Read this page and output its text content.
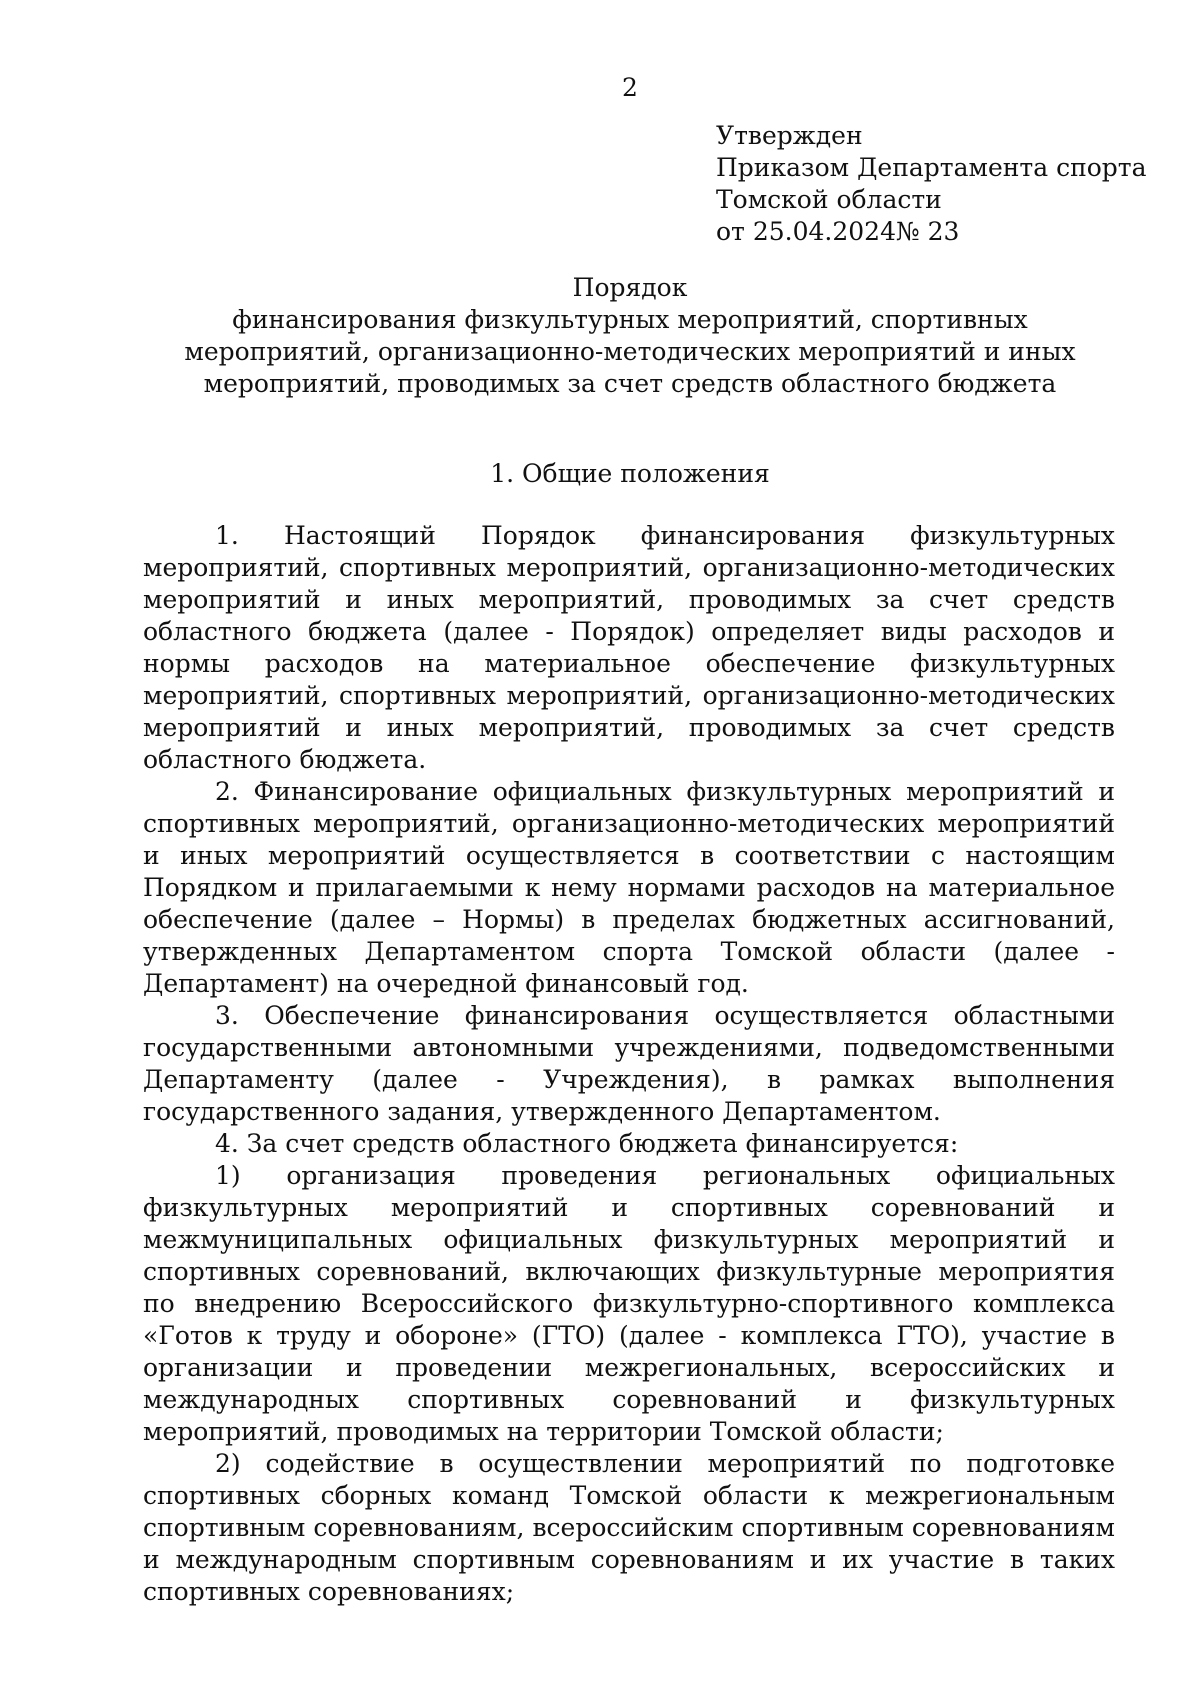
2
Утвержден
Приказом Департамента спорта
Томской области
от 25.04.2024№ 23
Порядок
финансирования физкультурных мероприятий, спортивных
мероприятий, организационно-методических мероприятий и иных
мероприятий, проводимых за счет средств областного бюджета
1. Общие положения

1. Настоящий Порядок финансирования физкультурных мероприятий, спортивных мероприятий, организационно-методических мероприятий и иных мероприятий, проводимых за счет средств областного бюджета (далее - Порядок) определяет виды расходов и нормы расходов на материальное обеспечение физкультурных мероприятий, спортивных мероприятий, организационно-методических мероприятий и иных мероприятий, проводимых за счет средств областного бюджета.

2. Финансирование официальных физкультурных мероприятий и спортивных мероприятий, организационно-методических мероприятий и иных мероприятий осуществляется в соответствии с настоящим Порядком и прилагаемыми к нему нормами расходов на материальное обеспечение (далее – Нормы) в пределах бюджетных ассигнований, утвержденных Департаментом спорта Томской области (далее - Департамент) на очередной финансовый год.

3. Обеспечение финансирования осуществляется областными государственными автономными учреждениями, подведомственными Департаменту (далее - Учреждения), в рамках выполнения государственного задания, утвержденного Департаментом.

4. За счет средств областного бюджета финансируется:

1) организация проведения региональных официальных физкультурных мероприятий и спортивных соревнований и межмуниципальных официальных физкультурных мероприятий и спортивных соревнований, включающих физкультурные мероприятия по внедрению Всероссийского физкультурно-спортивного комплекса «Готов к труду и обороне» (ГТО) (далее - комплекса ГТО), участие в организации и проведении межрегиональных, всероссийских и международных спортивных соревнований и физкультурных мероприятий, проводимых на территории Томской области;

2) содействие в осуществлении мероприятий по подготовке спортивных сборных команд Томской области к межрегиональным спортивным соревнованиям, всероссийским спортивным соревнованиям и международным спортивным соревнованиям и их участие в таких спортивных соревнованиях;
